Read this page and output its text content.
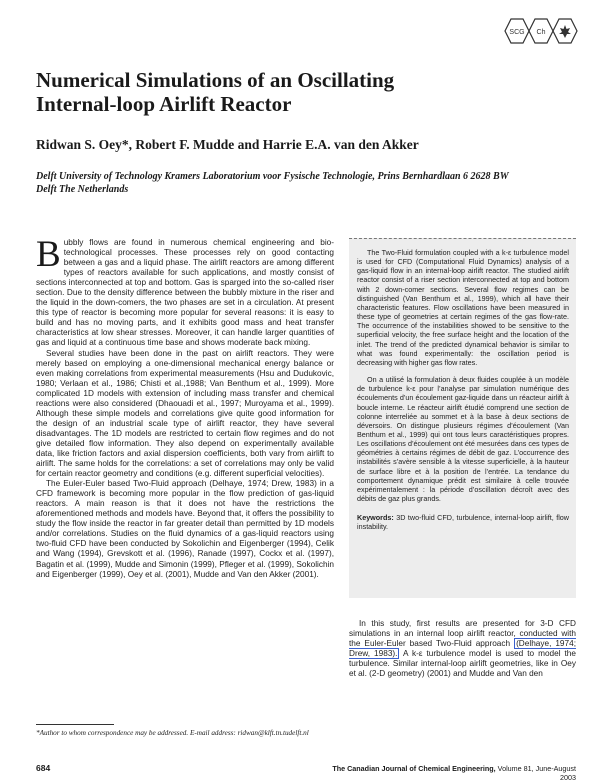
SCG Ch
Numerical Simulations of an Oscillating
Internal-loop Airlift Reactor
Ridwan S. Oey*, Robert F. Mudde and Harrie E.A. van den Akker
Delft University of Technology Kramers Laboratorium voor Fysische Technologie, Prins Bernhardlaan 6 2628 BW
Delft The Netherlands

Bubbly flows are found in numerous chemical engineering and bio-technological processes. These processes rely on good contacting between a gas and a liquid phase. The airlift reactors are among different types of reactors available for such applications, and mostly consist of sections interconnected at top and bottom. Gas is sparged into the so-called riser section. Due to the density difference between the bubbly mixture in the riser and the liquid in the down-comers, the two phases are set in a circulation. At present this type of reactor is becoming more popular for several reasons: it is easy to build and has no moving parts, and it exhibits good mass and heat transfer characteristics at low shear stresses. Moreover, it can handle larger quantities of gas and liquid at a continuous time base and shows moderate back mixing.

Several studies have been done in the past on airlift reactors. They were merely based on employing a one-dimensional mechanical energy balance or even making correlations from experimental measurements (Hsu and Dudukovic, 1980; Verlaan et al., 1986; Chisti et al.,1988; Van Benthum et al., 1999). More complicated 1D models with extension of including mass transfer and chemical reactions were also considered (Dhaouadi et al., 1997; Muroyama et al., 1999). Although these simple models and correlations give quite good information for the design of an industrial scale type of airlift reactor, they have several disadvantages. The 1D models are restricted to certain flow regimes and do not give detailed flow information. They also depend on experimentally available data, like friction factors and axial dispersion coefficients, both vary from airlift to airlift. The same holds for the correlations: a set of correlations may only be valid for certain reactor geometry and conditions (e.g. different superficial velocities).

The Euler-Euler based Two-Fluid approach (Delhaye, 1974; Drew, 1983) in a CFD framework is becoming more popular in the flow prediction of gas-liquid reactors. A main reason is that it does not have the restrictions the aforementioned methods and models have. Beyond that, it offers the possibility to study the flow inside the reactor in far greater detail than permitted by 1D models and/or correlations. Studies on the fluid dynamics of a gas-liquid reactors using two-fluid CFD have been conducted by Sokolichin and Eigenberger (1994), Celik and Wang (1994), Grevskott et al. (1996), Ranade (1997), Cockx et al. (1997), Bagatin et al. (1999), Mudde and Simonin (1999), Pfleger et al. (1999), Sokolichin and Eigenberger (1999), Oey et al. (2001), Mudde and Van den Akker (2001).

The Two-Fluid formulation coupled with a k-ε turbulence model is used for CFD (Computational Fluid Dynamics) analysis of a gas-liquid flow in an internal-loop airlift reactor. The studied airlift reactor consist of a riser section interconnected at top and bottom with 2 down-comer sections. Several flow regimes can be distinguished (Van Benthum et al., 1999), which all have their characteristic features. Flow oscillations have been measured in these type of geometries at certain regimes of the gas flow-rate. The occurrence of the instabilities showed to be sensitive to the superficial velocity, the free surface height and the location of the inlet. The trend of the predicted dynamical behavior is similar to what was found experimentally: the oscillation period is decreasing with higher gas flow rates.

On a utilisé la formulation à deux fluides couplée à un modèle de turbulence k-ε pour l’analyse par simulation numérique des écoulements d’un écoulement gaz-liquide dans un réacteur airlift à boucle interne. Le réacteur airlift étudié comprend une section de colonne interreliée au sommet et à la base à deux sections de déversoirs. On distingue plusieurs régimes d’écoulement (Van Benthum et al., 1999) qui ont tous leurs caractéristiques propres. Les oscillations d’écoulement ont été mesurées dans ces types de géométries à certains régimes de débit de gaz. L’occurrence des instabilités s’avère sensible à la vitesse superficielle, à la hauteur de surface libre et à la position de l’entrée. La tendance du comportement dynamique prédit est similaire à celle trouvée expérimentalement : la période d’oscillation décroît avec des débits de gaz plus grands.

Keywords: 3D two-fluid CFD, turbulence, internal-loop airlift, flow instability.

In this study, first results are presented for 3-D CFD simulations in an internal loop airlift reactor, conducted with the Euler-Euler based Two-Fluid approach (Delhaye, 1974; Drew, 1983). A k-ε turbulence model is used to model the turbulence. Similar internal-loop airlift geometries, like in Oey et al. (2-D geometry) (2001) and Mudde and Van den

*Author to whom correspondence may be addressed. E-mail address: ridwan@klft.tn.tudelft.nl
684	The Canadian Journal of Chemical Engineering, Volume 81, June-August 2003
